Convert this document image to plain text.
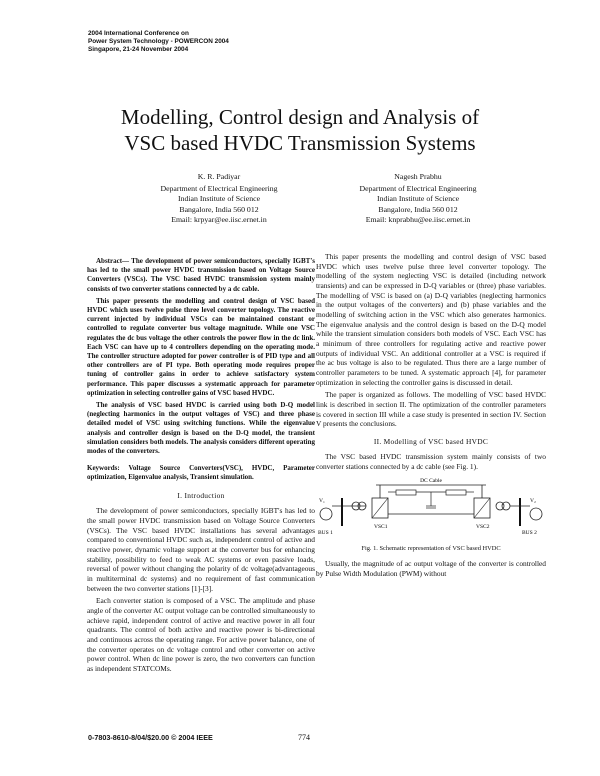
2004 International Conference on
Power System Technology - POWERCON 2004
Singapore, 21-24 November 2004
Modelling, Control design and Analysis of
VSC based HVDC Transmission Systems
K. R. Padiyar
Department of Electrical Engineering
Indian Institute of Science
Bangalore, India 560 012
Email: krpyar@ee.iisc.ernet.in
Nagesh Prabhu
Department of Electrical Engineering
Indian Institute of Science
Bangalore, India 560 012
Email: knprabhu@ee.iisc.ernet.in

Abstract— The development of power semiconductors, specially IGBT's has led to the small power HVDC transmission based on Voltage Source Converters (VSCs). The VSC based HVDC transmission system mainly consists of two converter stations connected by a dc cable.

This paper presents the modelling and control design of VSC based HVDC which uses twelve pulse three level converter topology. The reactive current injected by individual VSCs can be maintained constant or controlled to regulate converter bus voltage magnitude. While one VSC regulates the dc bus voltage the other controls the power flow in the dc link. Each VSC can have up to 4 controllers depending on the operating mode. The controller structure adopted for power controller is of PID type and all other controllers are of PI type. Both operating mode requires proper tuning of controller gains in order to achieve satisfactory system performance. This paper discusses a systematic approach for parameter optimization in selecting controller gains of VSC based HVDC.

The analysis of VSC based HVDC is carried using both D-Q model (neglecting harmonics in the output voltages of VSC) and three phase detailed model of VSC using switching functions. While the eigenvalue analysis and controller design is based on the D-Q model, the transient simulation considers both models. The analysis considers different operating modes of the converters.

Keywords: Voltage Source Converters(VSC), HVDC, Parameter optimization, Eigenvalue analysis, Transient simulation.

I. Introduction

The development of power semiconductors, specially IGBT's has led to the small power HVDC transmission based on Voltage Source Converters (VSCs). The VSC based HVDC installations has several advantages compared to conventional HVDC such as, independent control of active and reactive power, dynamic voltage support at the converter bus for enhancing stability, possibility to feed to weak AC systems or even passive loads, reversal of power without changing the polarity of dc voltage(advantageous in multiterminal dc systems) and no requirement of fast communication between the two converter stations [1]-[3].

Each converter station is composed of a VSC. The amplitude and phase angle of the converter AC output voltage can be controlled simultaneously to achieve rapid, independent control of active and reactive power in all four quadrants. The control of both active and reactive power is bi-directional and continuous across the operating range. For active power balance, one of the converter operates on dc voltage control and other converter on active power control. When dc line power is zero, the two converters can function as independent STATCOMs.

This paper presents the modelling and control design of VSC based HVDC which uses twelve pulse three level converter topology. The modelling of the system neglecting VSC is detailed (including network transients) and can be expressed in D-Q variables or (three) phase variables. The modelling of VSC is based on (a) D-Q variables (neglecting harmonics in the output voltages of the converters) and (b) phase variables and the modelling of switching action in the VSC which also generates harmonics. The eigenvalue analysis and the control design is based on the D-Q model while the transient simulation considers both models of VSC. Each VSC has a minimum of three controllers for regulating active and reactive power outputs of individual VSC. An additional controller at a VSC is required if the ac bus voltage is also to be regulated. Thus there are a large number of controller parameters to be tuned. A systematic approach [4], for parameter optimization in selecting the controller gains is discussed in detail.

The paper is organized as follows. The modelling of VSC based HVDC link is described in section II. The optimization of the controller parameters is covered in section III while a case study is presented in section IV. Section V presents the conclusions.

II. Modelling of VSC based HVDC

The VSC based HVDC transmission system mainly consists of two converter stations connected by a dc cable (see Fig. 1).

DC Cable
V₁
BUS 1
VSC1	VSC2
BUS 2
V₂
Fig. 1. Schematic representation of VSC based HVDC

Usually, the magnitude of ac output voltage of the converter is controlled by Pulse Width Modulation (PWM) without

0-7803-8610-8/04/$20.00 © 2004 IEEE	774
